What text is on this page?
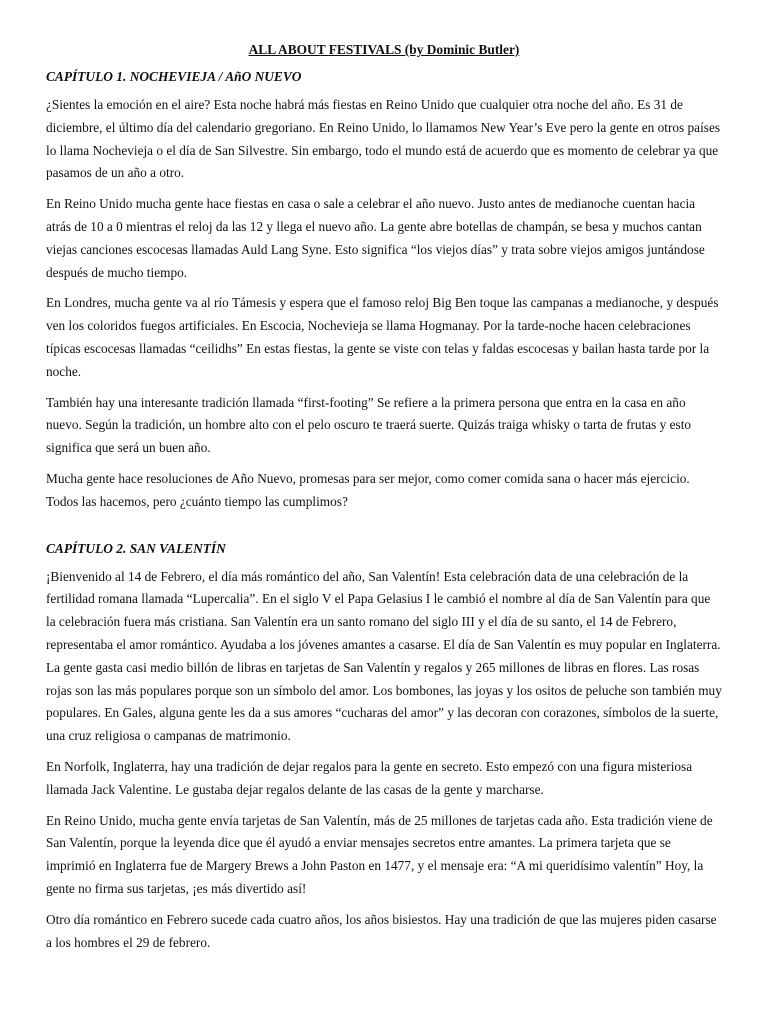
ALL ABOUT FESTIVALS (by Dominic Butler)
CAPÍTULO 1. NOCHEVIEJA / AñO NUEVO

¿Sientes la emoción en el aire? Esta noche habrá más fiestas en Reino Unido que cualquier otra noche del año. Es 31 de diciembre, el último día del calendario gregoriano. En Reino Unido, lo llamamos New Year’s Eve pero la gente en otros países lo llama Nochevieja o el día de San Silvestre. Sin embargo, todo el mundo está de acuerdo que es momento de celebrar ya que pasamos de un año a otro.

En Reino Unido mucha gente hace fiestas en casa o sale a celebrar el año nuevo. Justo antes de medianoche cuentan hacia atrás de 10 a 0 mientras el reloj da las 12 y llega el nuevo año. La gente abre botellas de champán, se besa y muchos cantan viejas canciones escocesas llamadas Auld Lang Syne. Esto significa “los viejos días” y trata sobre viejos amigos juntándose después de mucho tiempo.

En Londres, mucha gente va al río Támesis y espera que el famoso reloj Big Ben toque las campanas a medianoche, y después ven los coloridos fuegos artificiales. En Escocia, Nochevieja se llama Hogmanay. Por la tarde-noche hacen celebraciones típicas escocesas llamadas “ceilidhs” En estas fiestas, la gente se viste con telas y faldas escocesas y bailan hasta tarde por la noche.

También hay una interesante tradición llamada “first-footing” Se refiere a la primera persona que entra en la casa en año nuevo. Según la tradición, un hombre alto con el pelo oscuro te traerá suerte. Quizás traiga whisky o tarta de frutas y esto significa que será un buen año.

Mucha gente hace resoluciones de Año Nuevo, promesas para ser mejor, como comer comida sana o hacer más ejercicio. Todos las hacemos, pero ¿cuánto tiempo las cumplimos?

CAPÍTULO 2. SAN VALENTÍN

¡Bienvenido al 14 de Febrero, el día más romántico del año, San Valentín! Esta celebración data de una celebración de la fertilidad romana llamada “Lupercalia”. En el siglo V el Papa Gelasius I le cambió el nombre al día de San Valentín para que la celebración fuera más cristiana. San Valentín era un santo romano del siglo III y el día de su santo, el 14 de Febrero, representaba el amor romántico. Ayudaba a los jóvenes amantes a casarse. El día de San Valentín es muy popular en Inglaterra. La gente gasta casi medio billón de libras en tarjetas de San Valentín y regalos y 265 millones de libras en flores. Las rosas rojas son las más populares porque son un símbolo del amor. Los bombones, las joyas y los ositos de peluche son también muy populares. En Gales, alguna gente les da a sus amores “cucharas del amor” y las decoran con corazones, símbolos de la suerte, una cruz religiosa o campanas de matrimonio.

En Norfolk, Inglaterra, hay una tradición de dejar regalos para la gente en secreto. Esto empezó con una figura misteriosa llamada Jack Valentine. Le gustaba dejar regalos delante de las casas de la gente y marcharse.

En Reino Unido, mucha gente envía tarjetas de San Valentín, más de 25 millones de tarjetas cada año. Esta tradición viene de San Valentín, porque la leyenda dice que él ayudó a enviar mensajes secretos entre amantes. La primera tarjeta que se imprimió en Inglaterra fue de Margery Brews a John Paston en 1477, y el mensaje era: “A mi queridísimo valentín” Hoy, la gente no firma sus tarjetas, ¡es más divertido así!

Otro día romántico en Febrero sucede cada cuatro años, los años bisiestos. Hay una tradición de que las mujeres piden casarse a los hombres el 29 de febrero.
